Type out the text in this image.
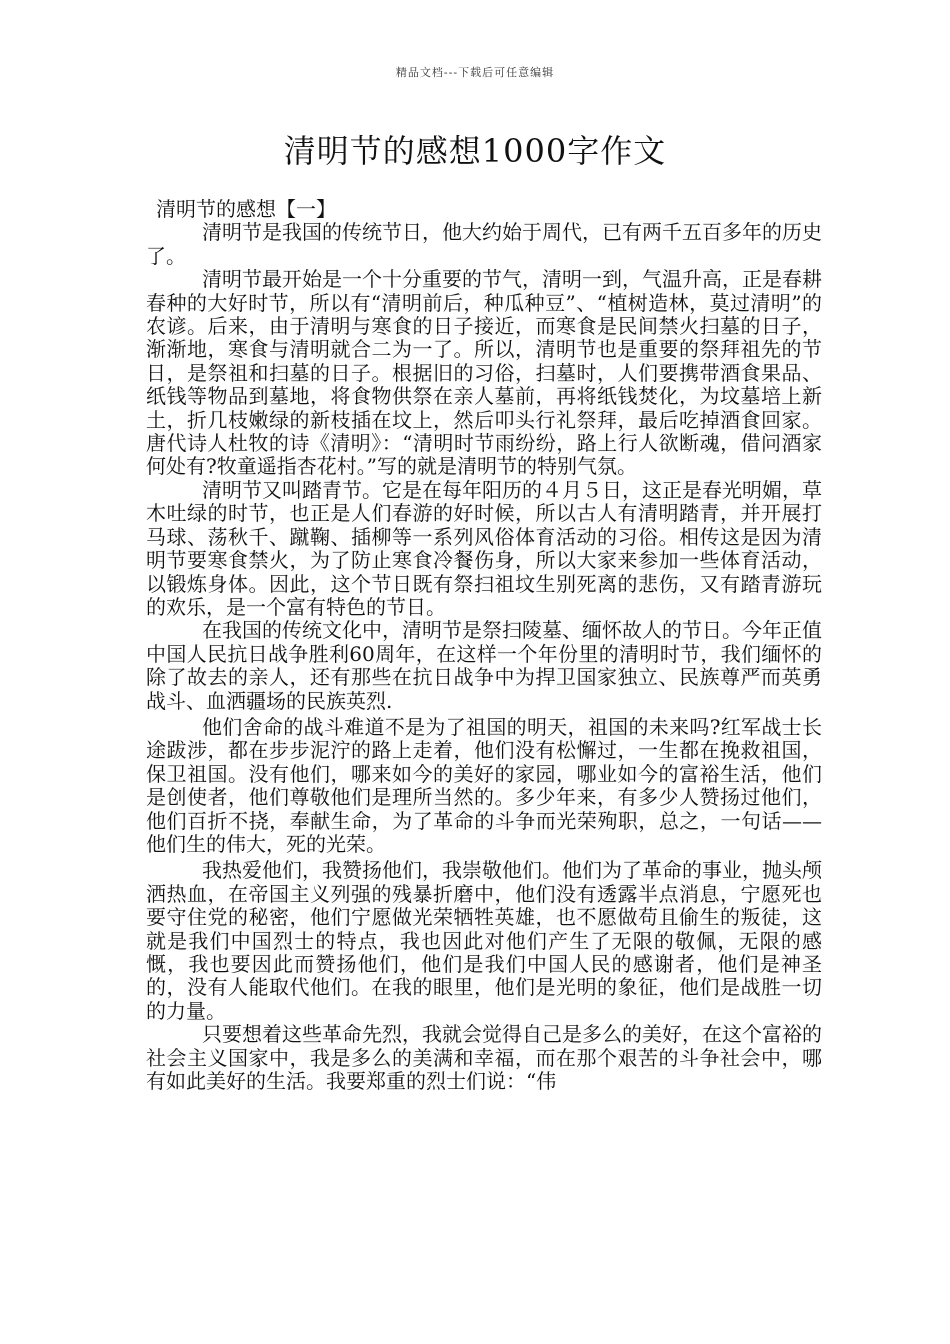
精品文档---下载后可任意编辑
清明节的感想1000字作文
清明节的感想【一】

清明节是我国的传统节日，他大约始于周代，已有两千五百多年的历史了。

清明节最开始是一个十分重要的节气，清明一到，气温升高，正是春耕春种的大好时节，所以有“清明前后，种瓜种豆”、“植树造林，莫过清明”的农谚。后来，由于清明与寒食的日子接近，而寒食是民间禁火扫墓的日子，渐渐地，寒食与清明就合二为一了。所以，清明节也是重要的祭拜祖先的节日，是祭祖和扫墓的日子。根据旧的习俗，扫墓时，人们要携带酒食果品、纸钱等物品到墓地，将食物供祭在亲人墓前，再将纸钱焚化，为坟墓培上新土，折几枝嫩绿的新枝插在坟上，然后叩头行礼祭拜，最后吃掉酒食回家。唐代诗人杜牧的诗《清明》：“清明时节雨纷纷，路上行人欲断魂，借问酒家何处有?牧童遥指杏花村。”写的就是清明节的特别气氛。

清明节又叫踏青节。它是在每年阳历的４月５日，这正是春光明媚，草木吐绿的时节，也正是人们春游的好时候，所以古人有清明踏青，并开展打马球、荡秋千、蹴鞠、插柳等一系列风俗体育活动的习俗。相传这是因为清明节要寒食禁火，为了防止寒食冷餐伤身，所以大家来参加一些体育活动，以锻炼身体。因此，这个节日既有祭扫祖坟生别死离的悲伤，又有踏青游玩的欢乐，是一个富有特色的节日。

在我国的传统文化中，清明节是祭扫陵墓、缅怀故人的节日。今年正值中国人民抗日战争胜利60周年，在这样一个年份里的清明时节，我们缅怀的除了故去的亲人，还有那些在抗日战争中为捍卫国家独立、民族尊严而英勇战斗、血洒疆场的民族英烈.

他们舍命的战斗难道不是为了祖国的明天，祖国的未来吗?红军战士长途跋涉，都在步步泥泞的路上走着，他们没有松懈过，一生都在挽救祖国，保卫祖国。没有他们，哪来如今的美好的家园，哪业如今的富裕生活，他们是创使者，他们尊敬他们是理所当然的。多少年来，有多少人赞扬过他们，他们百折不挠，奉献生命，为了革命的斗争而光荣殉职，总之，一句话——他们生的伟大，死的光荣。

我热爱他们，我赞扬他们，我崇敬他们。他们为了革命的事业，抛头颅洒热血，在帝国主义列强的残暴折磨中，他们没有透露半点消息，宁愿死也要守住党的秘密，他们宁愿做光荣牺牲英雄，也不愿做苟且偷生的叛徒，这就是我们中国烈士的特点，我也因此对他们产生了无限的敬佩，无限的感慨，我也要因此而赞扬他们，他们是我们中国人民的感谢者，他们是神圣的，没有人能取代他们。在我的眼里，他们是光明的象征，他们是战胜一切的力量。

只要想着这些革命先烈，我就会觉得自己是多么的美好，在这个富裕的社会主义国家中，我是多么的美满和幸福，而在那个艰苦的斗争社会中，哪有如此美好的生活。我要郑重的烈士们说：“伟
